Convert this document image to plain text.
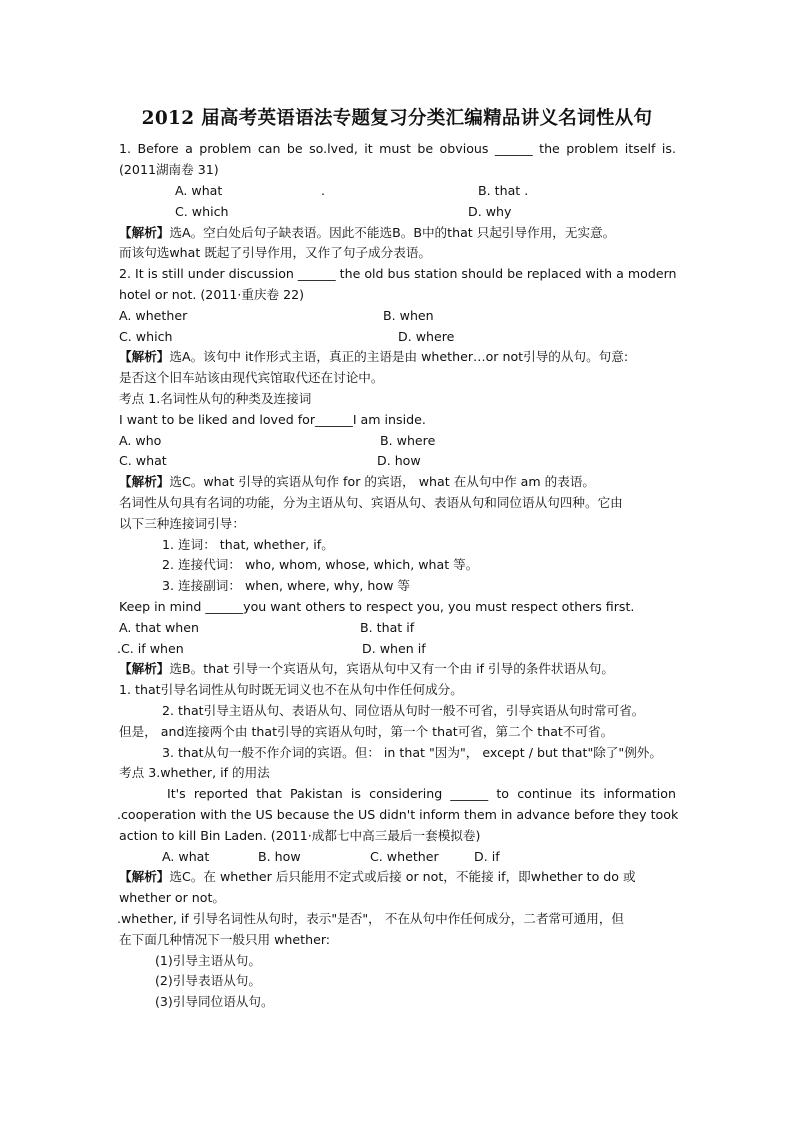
2012 届高考英语语法专题复习分类汇编精品讲义名词性从句
1. Before a problem can be so.lved, it must be obvious ______ the problem itself is.
(2011湖南卷 31)
A. what	.	B. that .
C. which	D. why
【解析】选A。空白处后句子缺表语。因此不能选B。B中的that 只起引导作用，无实意。
而该句选what 既起了引导作用，又作了句子成分表语。
2. It is still under discussion ______ the old bus station should be replaced with a modern
hotel or not. (2011·重庆卷 22)
A. whether	B. when
C. which	D. where
【解析】选A。该句中 it作形式主语，真正的主语是由 whether…or not引导的从句。句意:
是否这个旧车站该由现代宾馆取代还在讨论中。
考点 1.名词性从句的种类及连接词
I want to be liked and loved for______I am inside.
A. who	B. where
C. what	D. how
【解析】选C。what 引导的宾语从句作 for 的宾语， what 在从句中作 am 的表语。
名词性从句具有名词的功能，分为主语从句、宾语从句、表语从句和同位语从句四种。它由
以下三种连接词引导：
1. 连词： that, whether, if。
2. 连接代词： who, whom, whose, which, what 等。
3. 连接副词： when, where, why, how 等
Keep in mind ______you want others to respect you, you must respect others first.
A. that when	B. that if
.C. if when	D. when if
【解析】选B。that 引导一个宾语从句，宾语从句中又有一个由 if 引导的条件状语从句。
1. that引导名词性从句时既无词义也不在从句中作任何成分。
2. that引导主语从句、表语从句、同位语从句时一般不可省，引导宾语从句时常可省。
但是， and连接两个由 that引导的宾语从句时，第一个 that可省，第二个 that不可省。
3. that从句一般不作介词的宾语。但： in that "因为"， except / but that"除了"例外。
考点 3.whether, if 的用法
It's reported that Pakistan is considering ______ to continue its information
.cooperation with the US because the US didn't inform them in advance before they took
action to kill Bin Laden. (2011·成都七中高三最后一套模拟卷)
A. what	B. how	C. whether	D. if
【解析】选C。在 whether 后只能用不定式或后接 or not，不能接 if，即whether to do 或
whether or not。
.whether, if 引导名词性从句时，表示"是否"， 不在从句中作任何成分，二者常可通用，但
在下面几种情况下一般只用 whether:
(1)引导主语从句。
(2)引导表语从句。
(3)引导同位语从句。
